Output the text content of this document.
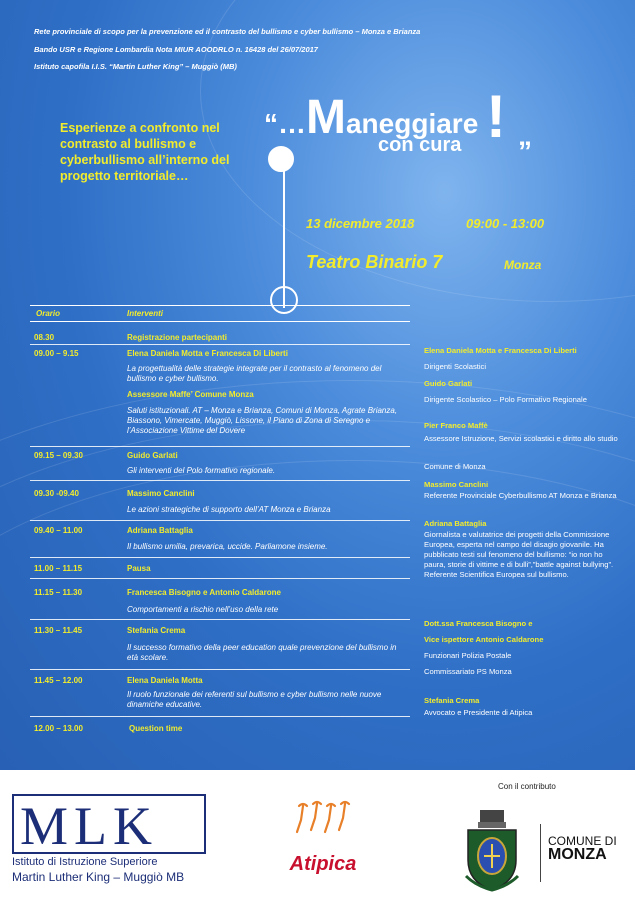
Rete provinciale di scopo per la prevenzione ed il contrasto del bullismo e cyber bullismo – Monza e Brianza
Bando USR e Regione Lombardia Nota MIUR AOODRLO n. 16428 del 26/07/2017
Istituto capofila I.I.S. “Martin Luther King” – Muggiò (MB)
Esperienze a confronto nel contrasto al bullismo e cyberbullismo all’interno del progetto territoriale…
“…Maneggiare
con cura ! „
13 dicembre 2018	09:00 - 13:00
Teatro Binario 7	Monza
Orario	Interventi
08.30	Registrazione partecipanti
09.00 – 9.15	Elena Daniela Motta e Francesca Di Liberti
La progettualità delle strategie integrate per il contrasto al fenomeno del bullismo e cyber bullismo.
Assessore Maffe’ Comune Monza
Saluti istituzionali. AT – Monza e Brianza, Comuni di Monza, Agrate Brianza, Biassono, Vimercate, Muggiò, Lissone, il Piano di Zona di Seregno e l’Associazione Vittime del Dovere
09.15 – 09.30	Guido Garlati
Gli interventi del Polo formativo regionale.
09.30 -09.40	Massimo Canclini
Le azioni strategiche di supporto dell’AT Monza e Brianza
09.40 – 11.00	Adriana Battaglia
Il bullismo umilia, prevarica, uccide. Parliamone insieme.
11.00 – 11.15	Pausa
11.15 – 11.30	Francesca Bisogno e Antonio Caldarone
Comportamenti a rischio nell’uso della rete
11.30 – 11.45	Stefania Crema
Il successo formativo della peer education quale prevenzione del bullismo in età scolare.
11.45 – 12.00	Elena Daniela Motta
Il ruolo funzionale dei referenti sul bullismo e cyber bullismo nelle nuove dinamiche educative.
12.00 – 13.00	Question time
Elena Daniela Motta e Francesca Di Liberti
Dirigenti Scolastici
Guido Garlati
Dirigente Scolastico – Polo Formativo Regionale
Pier Franco Maffè
Assessore Istruzione, Servizi scolastici e diritto allo studio
Comune di Monza
Massimo Canclini
Referente Provinciale Cyberbullismo AT Monza e Brianza
Adriana Battaglia
Giornalista e valutatrice dei progetti della Commissione Europea, esperta nel campo del disagio giovanile. Ha pubblicato testi sul fenomeno del bullismo: “io non ho paura, storie di vittime e di bulli”,”battle against bullying”. Referente Scientifica Europea sul bullismo.
Dott.ssa Francesca Bisogno e
Vice ispettore Antonio Caldarone
Funzionari Polizia Postale
Commissariato PS Monza
Stefania Crema
Avvocato e Presidente di Atipica
MLK
Istituto di Istruzione Superiore
Martin Luther King – Muggiò MB
Atipica
Con il contributo
COMUNE DI
MONZA
